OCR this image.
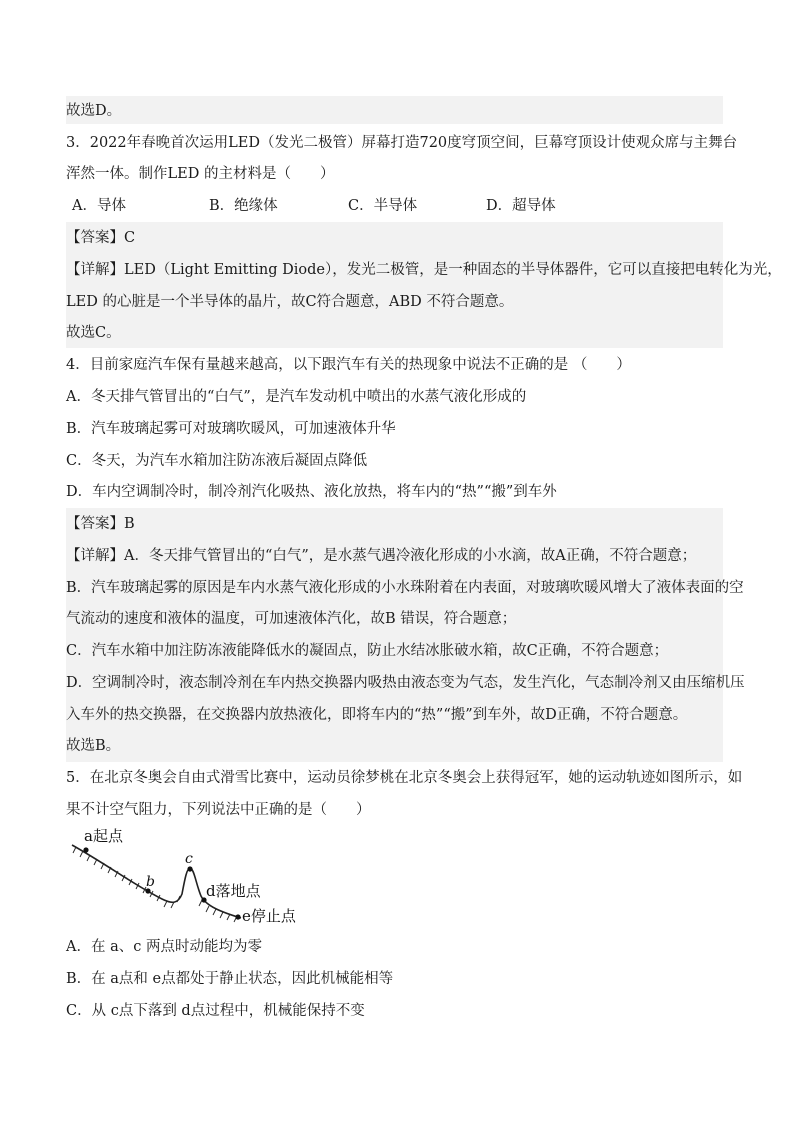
故选D。
3．2022年春晚首次运用LED（发光二极管）屏幕打造720度穹顶空间，巨幕穹顶设计使观众席与主舞台
浑然一体。制作LED 的主材料是（　　）
A．导体	B．绝缘体	C．半导体	D．超导体
【答案】C
【详解】LED（Light Emitting Diode），发光二极管，是一种固态的半导体器件，它可以直接把电转化为光，
LED 的心脏是一个半导体的晶片，故C符合题意，ABD 不符合题意。
故选C。
4．目前家庭汽车保有量越来越高，以下跟汽车有关的热现象中说法不正确的是 （　　）
A．冬天排气管冒出的“白气”，是汽车发动机中喷出的水蒸气液化形成的
B．汽车玻璃起雾可对玻璃吹暖风，可加速液体升华
C．冬天，为汽车水箱加注防冻液后凝固点降低
D．车内空调制冷时，制冷剂汽化吸热、液化放热，将车内的“热”“搬”到车外
【答案】B
【详解】A．冬天排气管冒出的“白气”，是水蒸气遇冷液化形成的小水滴，故A正确，不符合题意；
B．汽车玻璃起雾的原因是车内水蒸气液化形成的小水珠附着在内表面，对玻璃吹暖风增大了液体表面的空
气流动的速度和液体的温度，可加速液体汽化，故B 错误，符合题意；
C．汽车水箱中加注防冻液能降低水的凝固点，防止水结冰胀破水箱，故C正确，不符合题意；
D．空调制冷时，液态制冷剂在车内热交换器内吸热由液态变为气态，发生汽化，气态制冷剂又由压缩机压
入车外的热交换器，在交换器内放热液化，即将车内的“热”“搬”到车外，故D正确，不符合题意。
故选B。
5．在北京冬奥会自由式滑雪比赛中，运动员徐梦桃在北京冬奥会上获得冠军，她的运动轨迹如图所示，如
果不计空气阻力，下列说法中正确的是（　　）
a起点
b
c
d落地点
e停止点
A．在 a、c 两点时动能均为零
B．在 a点和 e点都处于静止状态，因此机械能相等
C．从 c点下落到 d点过程中，机械能保持不变
